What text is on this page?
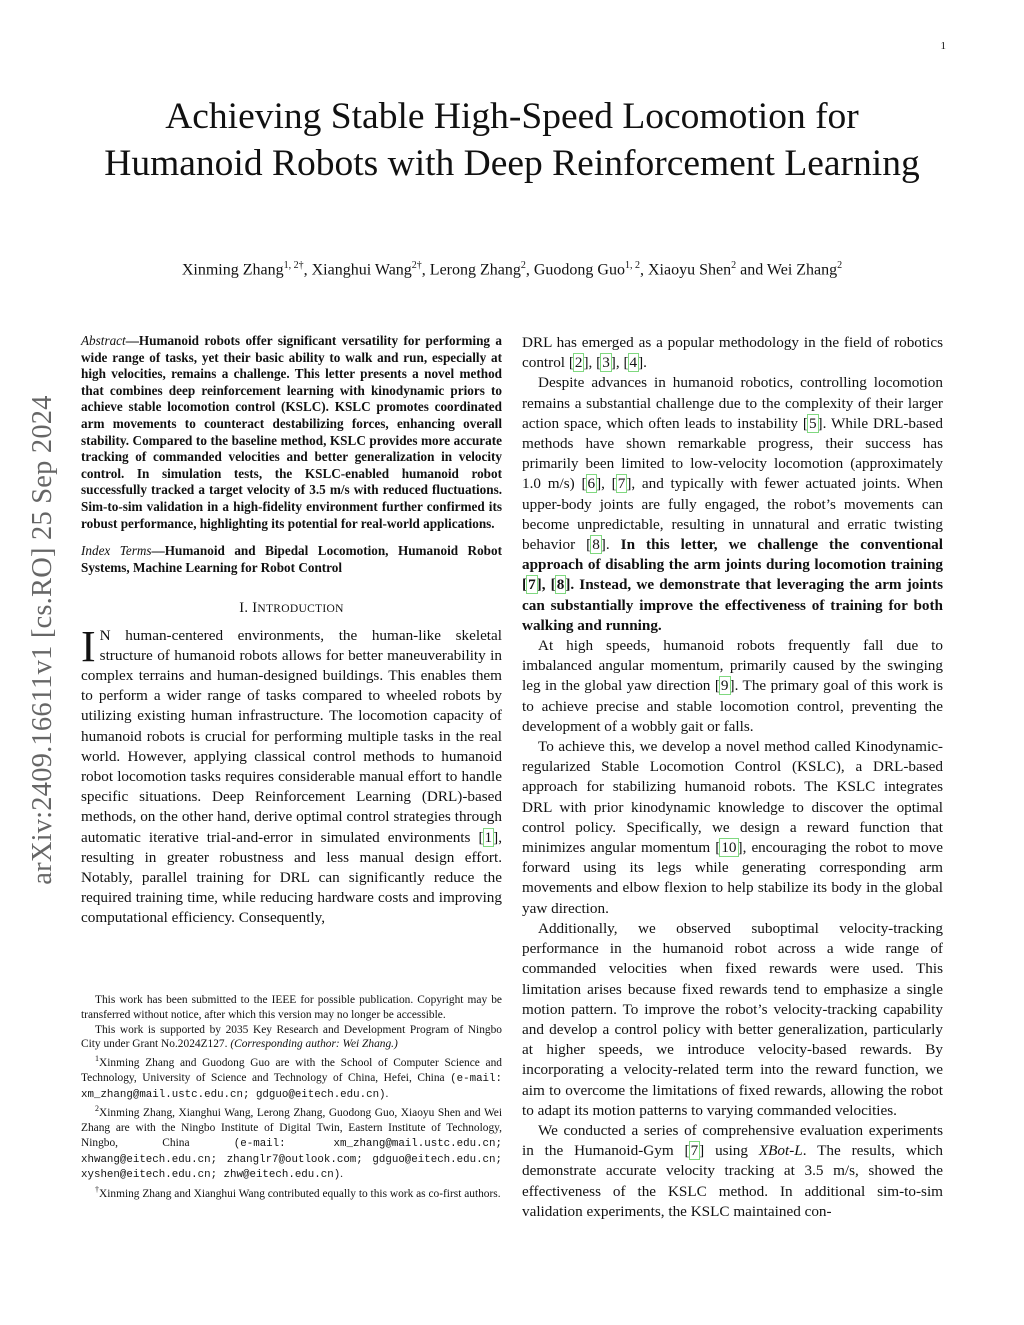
1
arXiv:2409.16611v1 [cs.RO] 25 Sep 2024
Achieving Stable High-Speed Locomotion for Humanoid Robots with Deep Reinforcement Learning
Xinming Zhang$^{1, 2\dagger}$, Xianghui Wang$^{2\dagger}$, Lerong Zhang$^2$, Guodong Guo$^{1, 2}$, Xiaoyu Shen$^2$ and Wei Zhang$^2$

Abstract—Humanoid robots offer significant versatility for performing a wide range of tasks, yet their basic ability to walk and run, especially at high velocities, remains a challenge. This letter presents a novel method that combines deep reinforcement learning with kinodynamic priors to achieve stable locomotion control (KSLC). KSLC promotes coordinated arm movements to counteract destabilizing forces, enhancing overall stability. Compared to the baseline method, KSLC provides more accurate tracking of commanded velocities and better generalization in velocity control. In simulation tests, the KSLC-enabled humanoid robot successfully tracked a target velocity of 3.5 m/s with reduced fluctuations. Sim-to-sim validation in a high-fidelity environment further confirmed its robust performance, highlighting its potential for real-world applications.

Index Terms—Humanoid and Bipedal Locomotion, Humanoid Robot Systems, Machine Learning for Robot Control

I. INTRODUCTION

I N human-centered environments, the human-like skeletal structure of humanoid robots allows for better maneuverability in complex terrains and human-designed buildings. This enables them to perform a wider range of tasks compared to wheeled robots by utilizing existing human infrastructure. The locomotion capacity of humanoid robots is crucial for performing multiple tasks in the real world. However, applying classical control methods to humanoid robot locomotion tasks requires considerable manual effort to handle specific situations. Deep Reinforcement Learning (DRL)-based methods, on the other hand, derive optimal control strategies through automatic iterative trial-and-error in simulated environments [1], resulting in greater robustness and less manual design effort. Notably, parallel training for DRL can significantly reduce the required training time, while reducing hardware costs and improving computational efficiency. Consequently,

This work has been submitted to the IEEE for possible publication. Copyright may be transferred without notice, after which this version may no longer be accessible.

This work is supported by 2035 Key Research and Development Program of Ningbo City under Grant No.2024Z127. (Corresponding author: Wei Zhang.)

$^1$Xinming Zhang and Guodong Guo are with the School of Computer Science and Technology, University of Science and Technology of China, Hefei, China (e-mail: xm_zhang@mail.ustc.edu.cn; gdguo@eitech.edu.cn).

$^2$Xinming Zhang, Xianghui Wang, Lerong Zhang, Guodong Guo, Xiaoyu Shen and Wei Zhang are with the Ningbo Institute of Digital Twin, Eastern Institute of Technology, Ningbo, China (e-mail: xm_zhang@mail.ustc.edu.cn; xhwang@eitech.edu.cn; zhanglr7@outlook.com; gdguo@eitech.edu.cn; xyshen@eitech.edu.cn; zhw@eitech.edu.cn).

†Xinming Zhang and Xianghui Wang contributed equally to this work as co-first authors.

DRL has emerged as a popular methodology in the field of robotics control [2], [3], [4].

Despite advances in humanoid robotics, controlling locomotion remains a substantial challenge due to the complexity of their larger action space, which often leads to instability [5]. While DRL-based methods have shown remarkable progress, their success has primarily been limited to low-velocity locomotion (approximately 1.0 m/s) [6], [7], and typically with fewer actuated joints. When upper-body joints are fully engaged, the robot’s movements can become unpredictable, resulting in unnatural and erratic twisting behavior [8]. In this letter, we challenge the conventional approach of disabling the arm joints during locomotion training [7], [8]. Instead, we demonstrate that leveraging the arm joints can substantially improve the effectiveness of training for both walking and running.

At high speeds, humanoid robots frequently fall due to imbalanced angular momentum, primarily caused by the swinging leg in the global yaw direction [9]. The primary goal of this work is to achieve precise and stable locomotion control, preventing the development of a wobbly gait or falls.

To achieve this, we develop a novel method called Kinodynamic-regularized Stable Locomotion Control (KSLC), a DRL-based approach for stabilizing humanoid robots. The KSLC integrates DRL with prior kinodynamic knowledge to discover the optimal control policy. Specifically, we design a reward function that minimizes angular momentum [10], encouraging the robot to move forward using its legs while generating corresponding arm movements and elbow flexion to help stabilize its body in the global yaw direction.

Additionally, we observed suboptimal velocity-tracking performance in the humanoid robot across a wide range of commanded velocities when fixed rewards were used. This limitation arises because fixed rewards tend to emphasize a single motion pattern. To improve the robot’s velocity-tracking capability and develop a control policy with better generalization, particularly at higher speeds, we introduce velocity-based rewards. By incorporating a velocity-related term into the reward function, we aim to overcome the limitations of fixed rewards, allowing the robot to adapt its motion patterns to varying commanded velocities.

We conducted a series of comprehensive evaluation experiments in the Humanoid-Gym [7] using XBot-L. The results, which demonstrate accurate velocity tracking at 3.5 m/s, showed the effectiveness of the KSLC method. In additional sim-to-sim validation experiments, the KSLC maintained con-
